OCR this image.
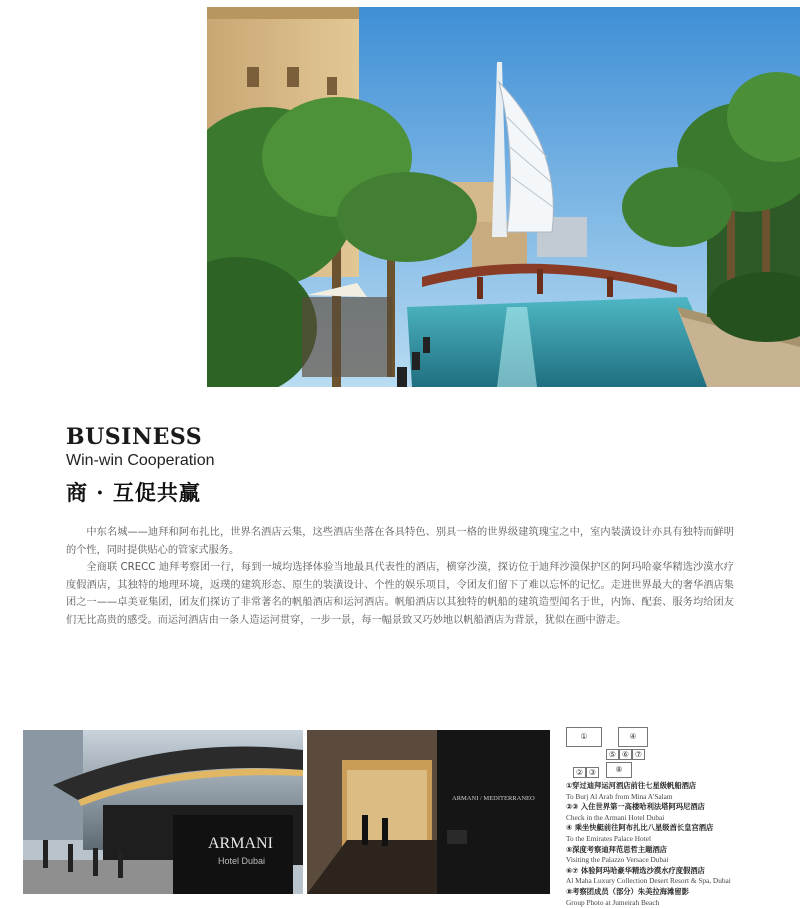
BUSINESS
Win-win Cooperation
商 · 互促共赢

中东名城——迪拜和阿布扎比，世界名酒店云集，这些酒店坐落在各具特色、别具一格的世界级建筑瑰宝之中，室内装潢设计亦具有独特而鲜明的个性，同时提供贴心的管家式服务。

全商联 CRECC 迪拜考察团一行，每到一城均选择体验当地最具代表性的酒店，横穿沙漠，探访位于迪拜沙漠保护区的阿玛哈豪华精选沙漠水疗度假酒店，其独特的地理环境，返璞的建筑形态、原生的装潢设计、个性的娱乐项目，令团友们留下了难以忘怀的记忆。走进世界最大的奢华酒店集团之一——卓美亚集团，团友们探访了非常著名的帆船酒店和运河酒店。帆船酒店以其独特的帆船的建筑造型闻名于世，内饰、配套、服务均给团友们无比高贵的感受。而运河酒店由一条人造运河贯穿，一步一景，每一幅景致又巧妙地以帆船酒店为背景，犹似在画中游走。

ARMANI
Hotel Dubai
ARMANI / MEDITERRANEO
①	④
⑤ ⑥ ⑦
② ③	⑧
①穿过迪拜运河酒店前往七星级帆船酒店
To Burj Al Arab from Mina A'Salam
②③ 入住世界第一高楼哈利法塔阿玛尼酒店
Check in the Armani Hotel Dubai
④ 乘坐快艇前往阿布扎比八星级酋长皇宫酒店
To the Emirates Palace Hotel
⑤深度考察迪拜范思哲主题酒店
Visiting the Palazzo Versace Dubai
⑥⑦ 体验阿玛哈豪华精选沙漠水疗度假酒店
Al Maha Luxury Collection Desert Resort & Spa, Dubai
⑧考察团成员（部分）朱美拉海滩留影
Group Photo at Jumeirah Beach
